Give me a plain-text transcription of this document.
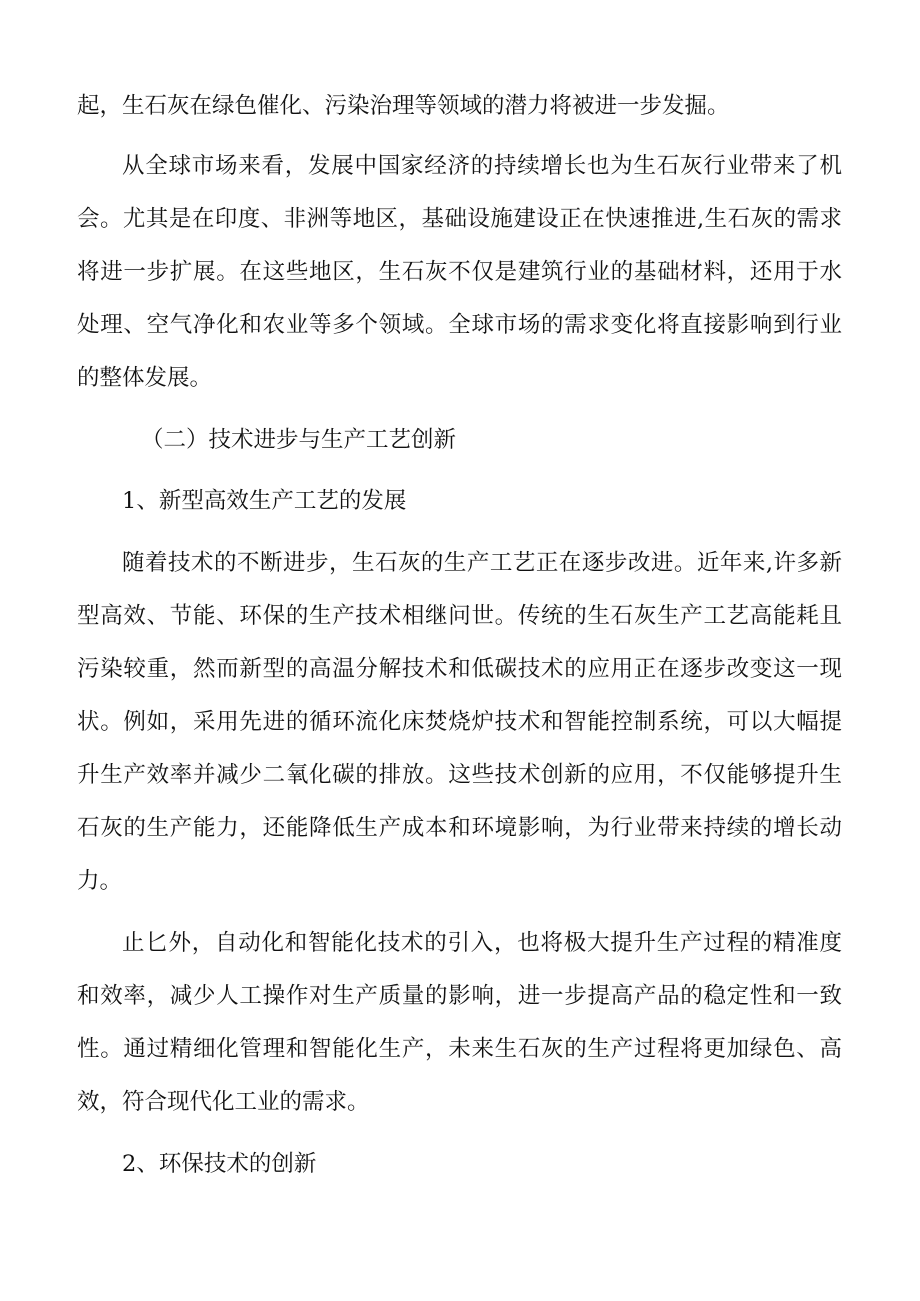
起，生石灰在绿色催化、污染治理等领域的潜力将被进一步发掘。

从全球市场来看，发展中国家经济的持续增长也为生石灰行业带来了机

会。尤其是在印度、非洲等地区，基础设施建设正在快速推进,生石灰的需求

将进一步扩展。在这些地区，生石灰不仅是建筑行业的基础材料，还用于水

处理、空气净化和农业等多个领域。全球市场的需求变化将直接影响到行业

的整体发展。

（二）技术进步与生产工艺创新

1、新型高效生产工艺的发展

随着技术的不断进步，生石灰的生产工艺正在逐步改进。近年来,许多新

型高效、节能、环保的生产技术相继问世。传统的生石灰生产工艺高能耗且

污染较重，然而新型的高温分解技术和低碳技术的应用正在逐步改变这一现

状。例如，采用先进的循环流化床焚烧炉技术和智能控制系统，可以大幅提

升生产效率并减少二氧化碳的排放。这些技术创新的应用，不仅能够提升生

石灰的生产能力，还能降低生产成本和环境影响，为行业带来持续的增长动

力。

止匕外，自动化和智能化技术的引入，也将极大提升生产过程的精准度

和效率，减少人工操作对生产质量的影响，进一步提高产品的稳定性和一致

性。通过精细化管理和智能化生产，未来生石灰的生产过程将更加绿色、高

效，符合现代化工业的需求。

2、环保技术的创新
